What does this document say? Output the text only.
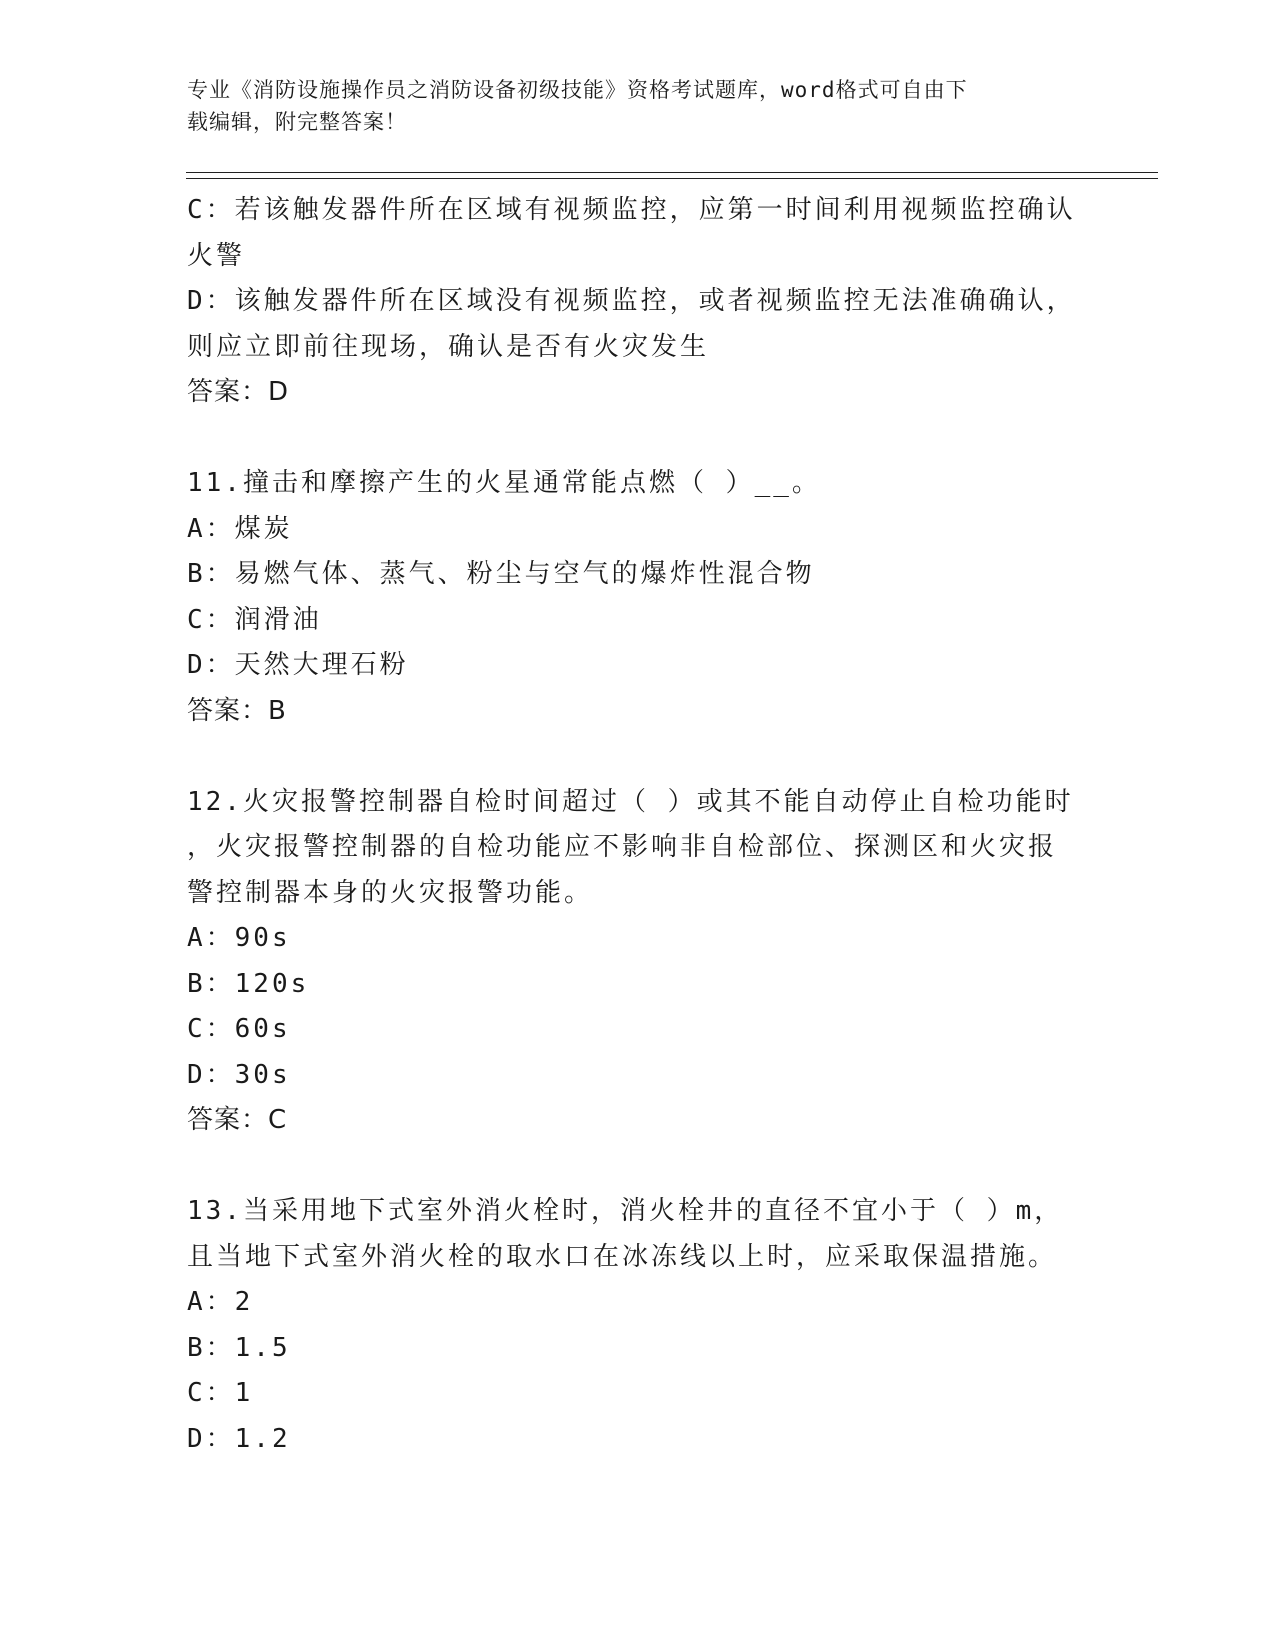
专业《消防设施操作员之消防设备初级技能》资格考试题库，word格式可自由下
载编辑，附完整答案！
C：若该触发器件所在区域有视频监控，应第一时间利用视频监控确认
火警
D：该触发器件所在区域没有视频监控，或者视频监控无法准确确认，
则应立即前往现场，确认是否有火灾发生
答案：D
11.撞击和摩擦产生的火星通常能点燃（ ）__。
A：煤炭
B：易燃气体、蒸气、粉尘与空气的爆炸性混合物
C：润滑油
D：天然大理石粉
答案：B
12.火灾报警控制器自检时间超过（ ）或其不能自动停止自检功能时
，火灾报警控制器的自检功能应不影响非自检部位、探测区和火灾报
警控制器本身的火灾报警功能。
A：90s
B：120s
C：60s
D：30s
答案：C
13.当采用地下式室外消火栓时，消火栓井的直径不宜小于（ ）m，
且当地下式室外消火栓的取水口在冰冻线以上时，应采取保温措施。
A：2
B：1.5
C：1
D：1.2
